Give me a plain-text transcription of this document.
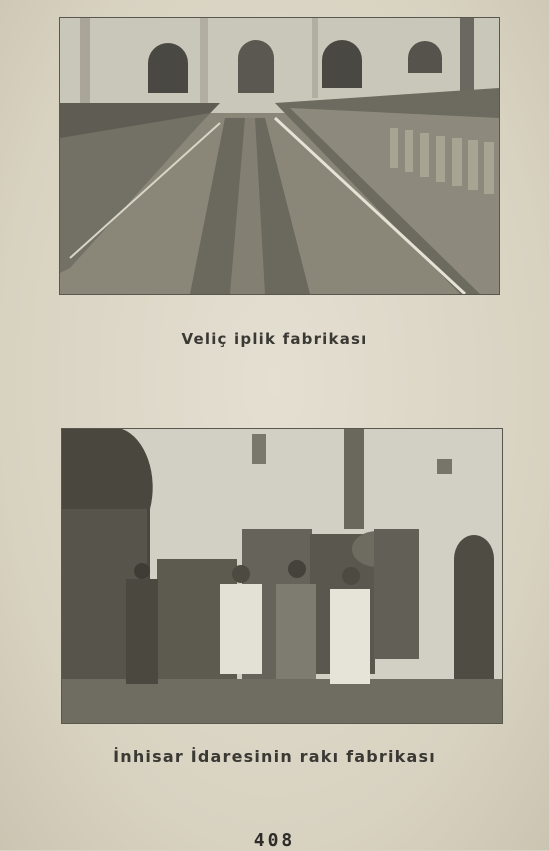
Veliç iplik fabrikası
İnhisar İdaresinin rakı fabrikası
408
